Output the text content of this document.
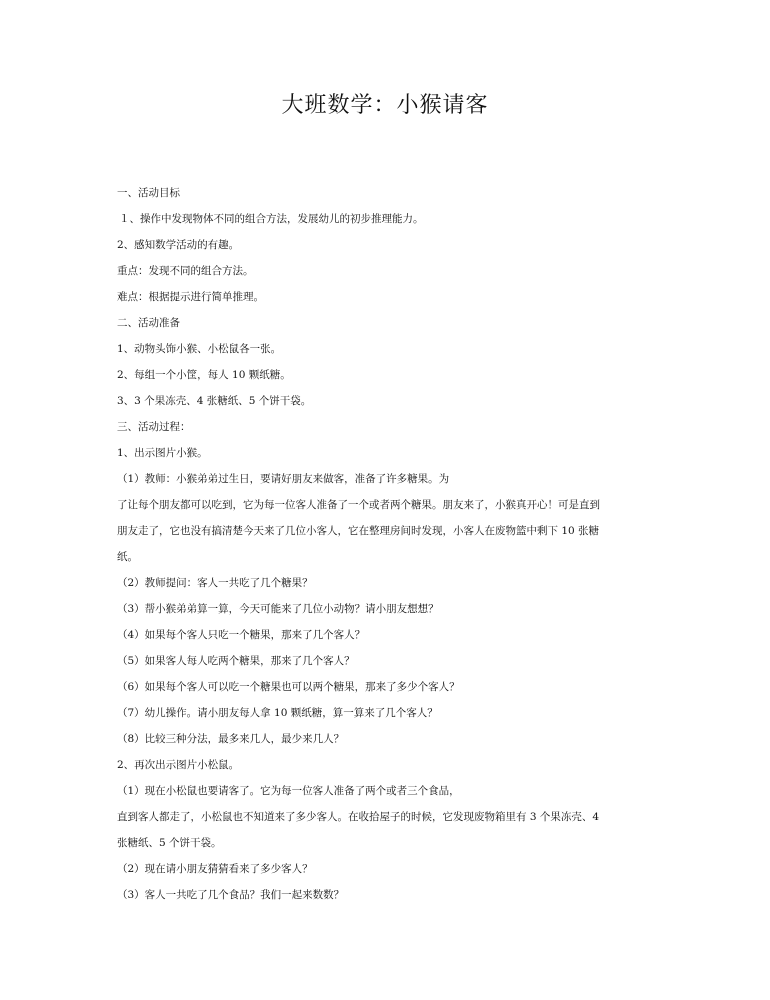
大班数学：小猴请客
一、活动目标
１、操作中发现物体不同的组合方法，发展幼儿的初步推理能力。
2、感知数学活动的有趣。
重点：发现不同的组合方法。
难点：根据提示进行简单推理。
二、活动准备
1、动物头饰小猴、小松鼠各一张。
2、每组一个小筐，每人 10 颗纸糖。
3、3 个果冻壳、4 张糖纸、5 个饼干袋。
三、活动过程：
1、出示图片小猴。
（1）教师：小猴弟弟过生日，要请好朋友来做客，准备了许多糖果。为
了让每个朋友都可以吃到，它为每一位客人准备了一个或者两个糖果。朋友来了，小猴真开心！可是直到
朋友走了，它也没有搞清楚今天来了几位小客人，它在整理房间时发现，小客人在废物篮中剩下 10 张糖
纸。
（2）教师提问：客人一共吃了几个糖果？
（3）帮小猴弟弟算一算，今天可能来了几位小动物？请小朋友想想？
（4）如果每个客人只吃一个糖果，那来了几个客人？
（5）如果客人每人吃两个糖果，那来了几个客人？
（6）如果每个客人可以吃一个糖果也可以两个糖果，那来了多少个客人？
（7）幼儿操作。请小朋友每人拿 10 颗纸糖，算一算来了几个客人？
（8）比较三种分法，最多来几人，最少来几人？
2、再次出示图片小松鼠。
（1）现在小松鼠也要请客了。它为每一位客人准备了两个或者三个食品，
直到客人都走了，小松鼠也不知道来了多少客人。在收拾屋子的时候，它发现废物箱里有 3 个果冻壳、4
张糖纸、5 个饼干袋。
（2）现在请小朋友猜猜看来了多少客人？
（3）客人一共吃了几个食品？我们一起来数数？
